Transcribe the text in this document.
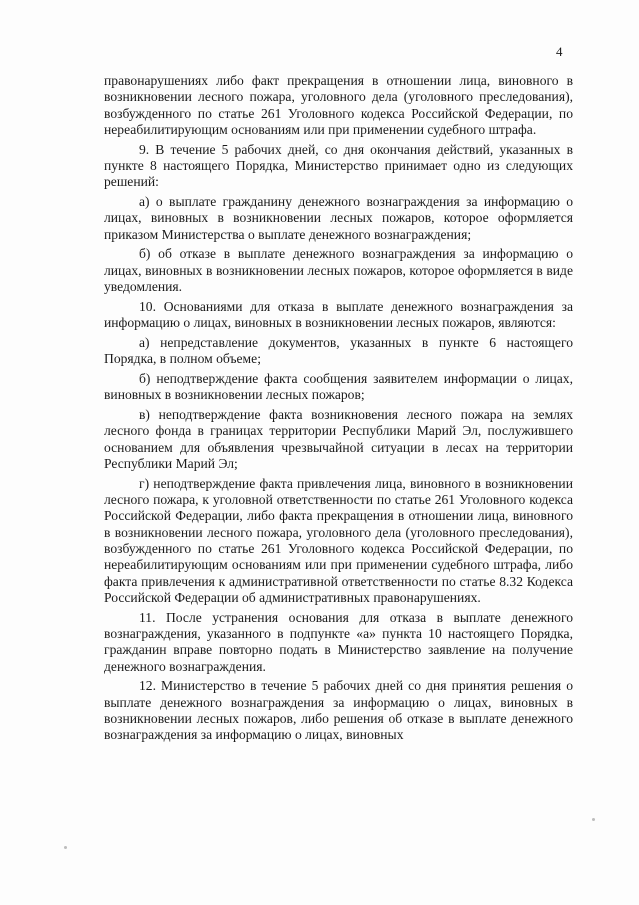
4

правонарушениях либо факт прекращения в отношении лица, виновного в возникновении лесного пожара, уголовного дела (уголовного преследования), возбужденного по статье 261 Уголовного кодекса Российской Федерации, по нереабилитирующим основаниям или при применении судебного штрафа.

9. В течение 5 рабочих дней, со дня окончания действий, указанных в пункте 8 настоящего Порядка, Министерство принимает одно из следующих решений:

а) о выплате гражданину денежного вознаграждения за информацию о лицах, виновных в возникновении лесных пожаров, которое оформляется приказом Министерства о выплате денежного вознаграждения;

б) об отказе в выплате денежного вознаграждения за информацию о лицах, виновных в возникновении лесных пожаров, которое оформляется в виде уведомления.

10. Основаниями для отказа в выплате денежного вознаграждения за информацию о лицах, виновных в возникновении лесных пожаров, являются:

а) непредставление документов, указанных в пункте 6 настоящего Порядка, в полном объеме;

б) неподтверждение факта сообщения заявителем информации о лицах, виновных в возникновении лесных пожаров;

в) неподтверждение факта возникновения лесного пожара на землях лесного фонда в границах территории Республики Марий Эл, послужившего основанием для объявления чрезвычайной ситуации в лесах на территории Республики Марий Эл;

г) неподтверждение факта привлечения лица, виновного в возникновении лесного пожара, к уголовной ответственности по статье 261 Уголовного кодекса Российской Федерации, либо факта прекращения в отношении лица, виновного в возникновении лесного пожара, уголовного дела (уголовного преследования), возбужденного по статье 261 Уголовного кодекса Российской Федерации, по нереабилитирующим основаниям или при применении судебного штрафа, либо факта привлечения к административной ответственности по статье 8.32 Кодекса Российской Федерации об административных правонарушениях.

11. После устранения основания для отказа в выплате денежного вознаграждения, указанного в подпункте «а» пункта 10 настоящего Порядка, гражданин вправе повторно подать в Министерство заявление на получение денежного вознаграждения.

12. Министерство в течение 5 рабочих дней со дня принятия решения о выплате денежного вознаграждения за информацию о лицах, виновных в возникновении лесных пожаров, либо решения об отказе в выплате денежного вознаграждения за информацию о лицах, виновных
